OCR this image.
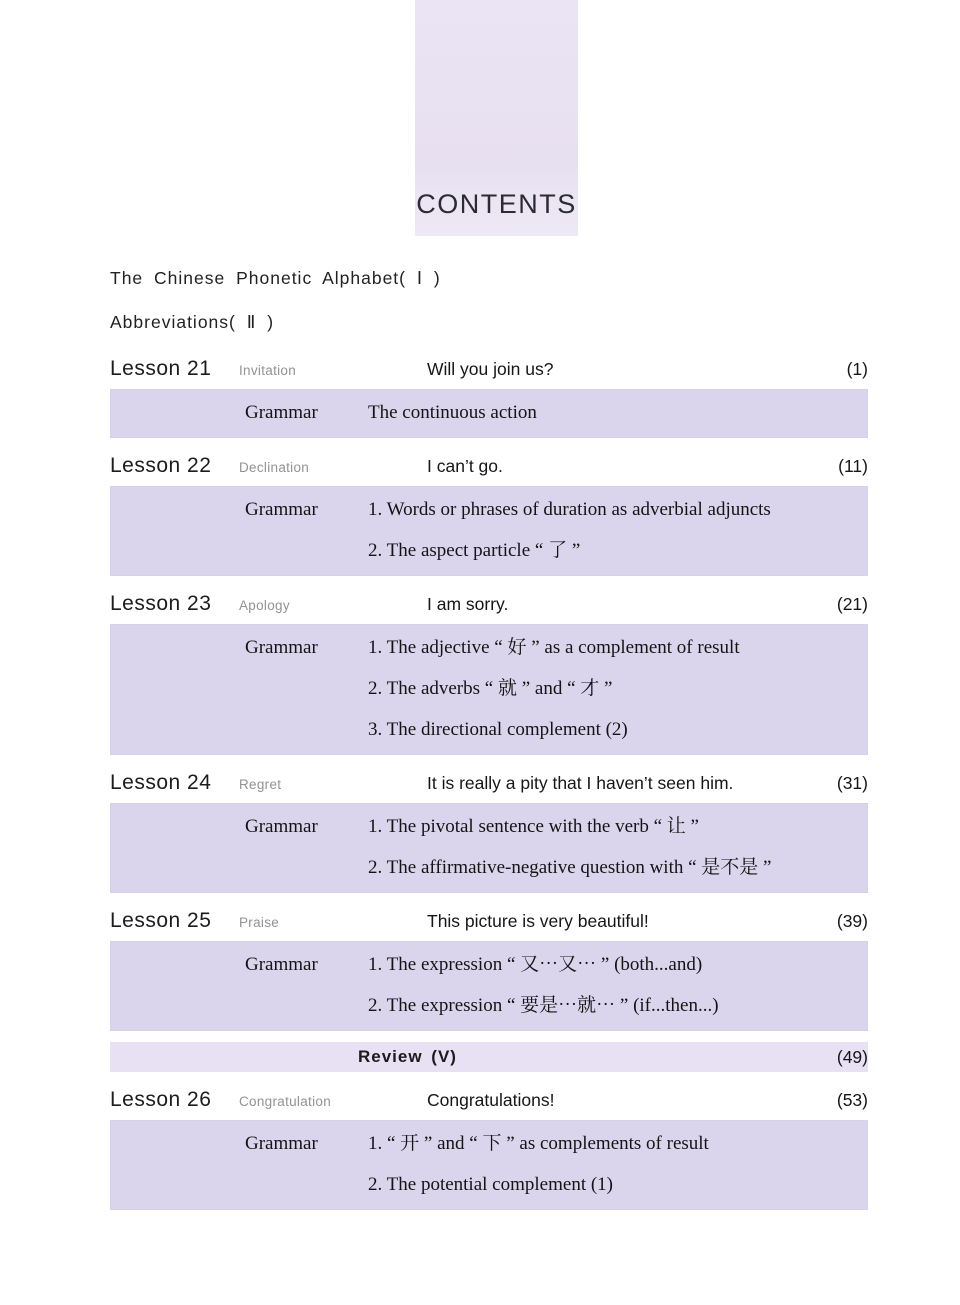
CONTENTS
The Chinese Phonetic Alphabet( Ⅰ )
Abbreviations( Ⅱ )
Lesson 21	Invitation	Will you join us?	(1)
Grammar	The continuous action
Lesson 22	Declination	I can’t go.	(11)
Grammar	1. Words or phrases of duration as adverbial adjuncts
2. The aspect particle “ 了 ”
Lesson 23	Apology	I am sorry.	(21)
Grammar	1. The adjective “ 好 ” as a complement of result
2. The adverbs “ 就 ” and “ 才 ”
3. The directional complement (2)
Lesson 24	Regret	It is really a pity that I haven’t seen him.	(31)
Grammar	1. The pivotal sentence with the verb “ 让 ”
2. The affirmative-negative question with “ 是不是 ”
Lesson 25	Praise	This picture is very beautiful!	(39)
Grammar	1. The expression “ 又⋯又⋯ ” (both...and)
2. The expression “ 要是⋯就⋯ ” (if...then...)
Review (V)	(49)
Lesson 26	Congratulation	Congratulations!	(53)
Grammar	1. “ 开 ” and “ 下 ” as complements of result
2. The potential complement (1)
